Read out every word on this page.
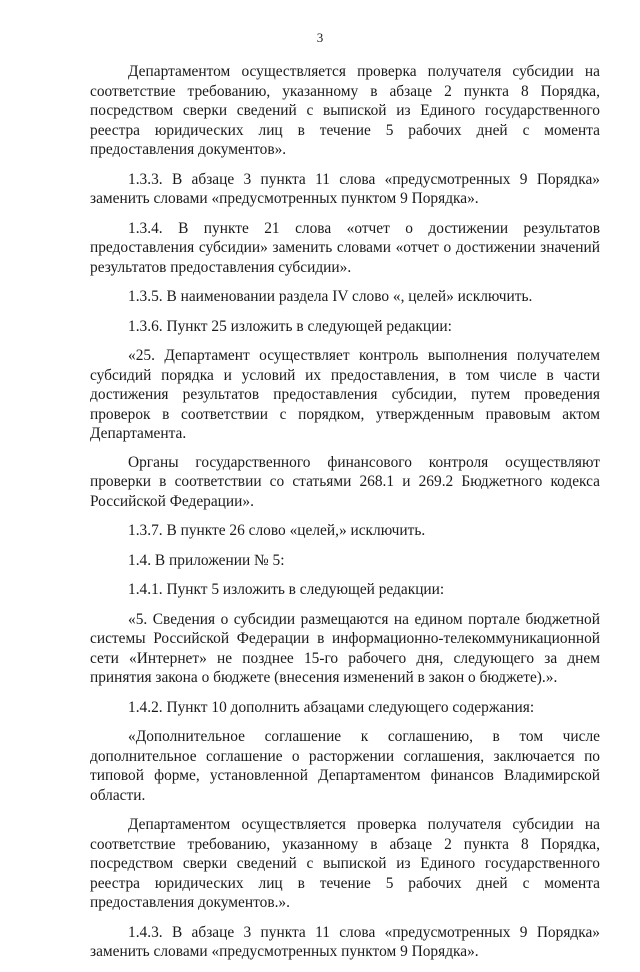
3

Департаментом осуществляется проверка получателя субсидии на соответствие требованию, указанному в абзаце 2 пункта 8 Порядка, посредством сверки сведений с выпиской из Единого государственного реестра юридических лиц в течение 5 рабочих дней с момента предоставления документов».

1.3.3. В абзаце 3 пункта 11 слова «предусмотренных 9 Порядка» заменить словами «предусмотренных пунктом 9 Порядка».

1.3.4. В пункте 21 слова «отчет о достижении результатов предоставления субсидии» заменить словами «отчет о достижении значений результатов предоставления субсидии».

1.3.5. В наименовании раздела IV слово «, целей» исключить.

1.3.6. Пункт 25 изложить в следующей редакции:

«25. Департамент осуществляет контроль выполнения получателем субсидий порядка и условий их предоставления, в том числе в части достижения результатов предоставления субсидии, путем проведения проверок в соответствии с порядком, утвержденным правовым актом Департамента.

Органы государственного финансового контроля осуществляют проверки в соответствии со статьями 268.1 и 269.2 Бюджетного кодекса Российской Федерации».

1.3.7. В пункте 26 слово «целей,» исключить.

1.4. В приложении № 5:

1.4.1. Пункт 5 изложить в следующей редакции:

«5. Сведения о субсидии размещаются на едином портале бюджетной системы Российской Федерации в информационно-телекоммуникационной сети «Интернет» не позднее 15-го рабочего дня, следующего за днем принятия закона о бюджете (внесения изменений в закон о бюджете).».

1.4.2. Пункт 10 дополнить абзацами следующего содержания:

«Дополнительное соглашение к соглашению, в том числе дополнительное соглашение о расторжении соглашения, заключается по типовой форме, установленной Департаментом финансов Владимирской области.

Департаментом осуществляется проверка получателя субсидии на соответствие требованию, указанному в абзаце 2 пункта 8 Порядка, посредством сверки сведений с выпиской из Единого государственного реестра юридических лиц в течение 5 рабочих дней с момента предоставления документов.».

1.4.3. В абзаце 3 пункта 11 слова «предусмотренных 9 Порядка» заменить словами «предусмотренных пунктом 9 Порядка».
